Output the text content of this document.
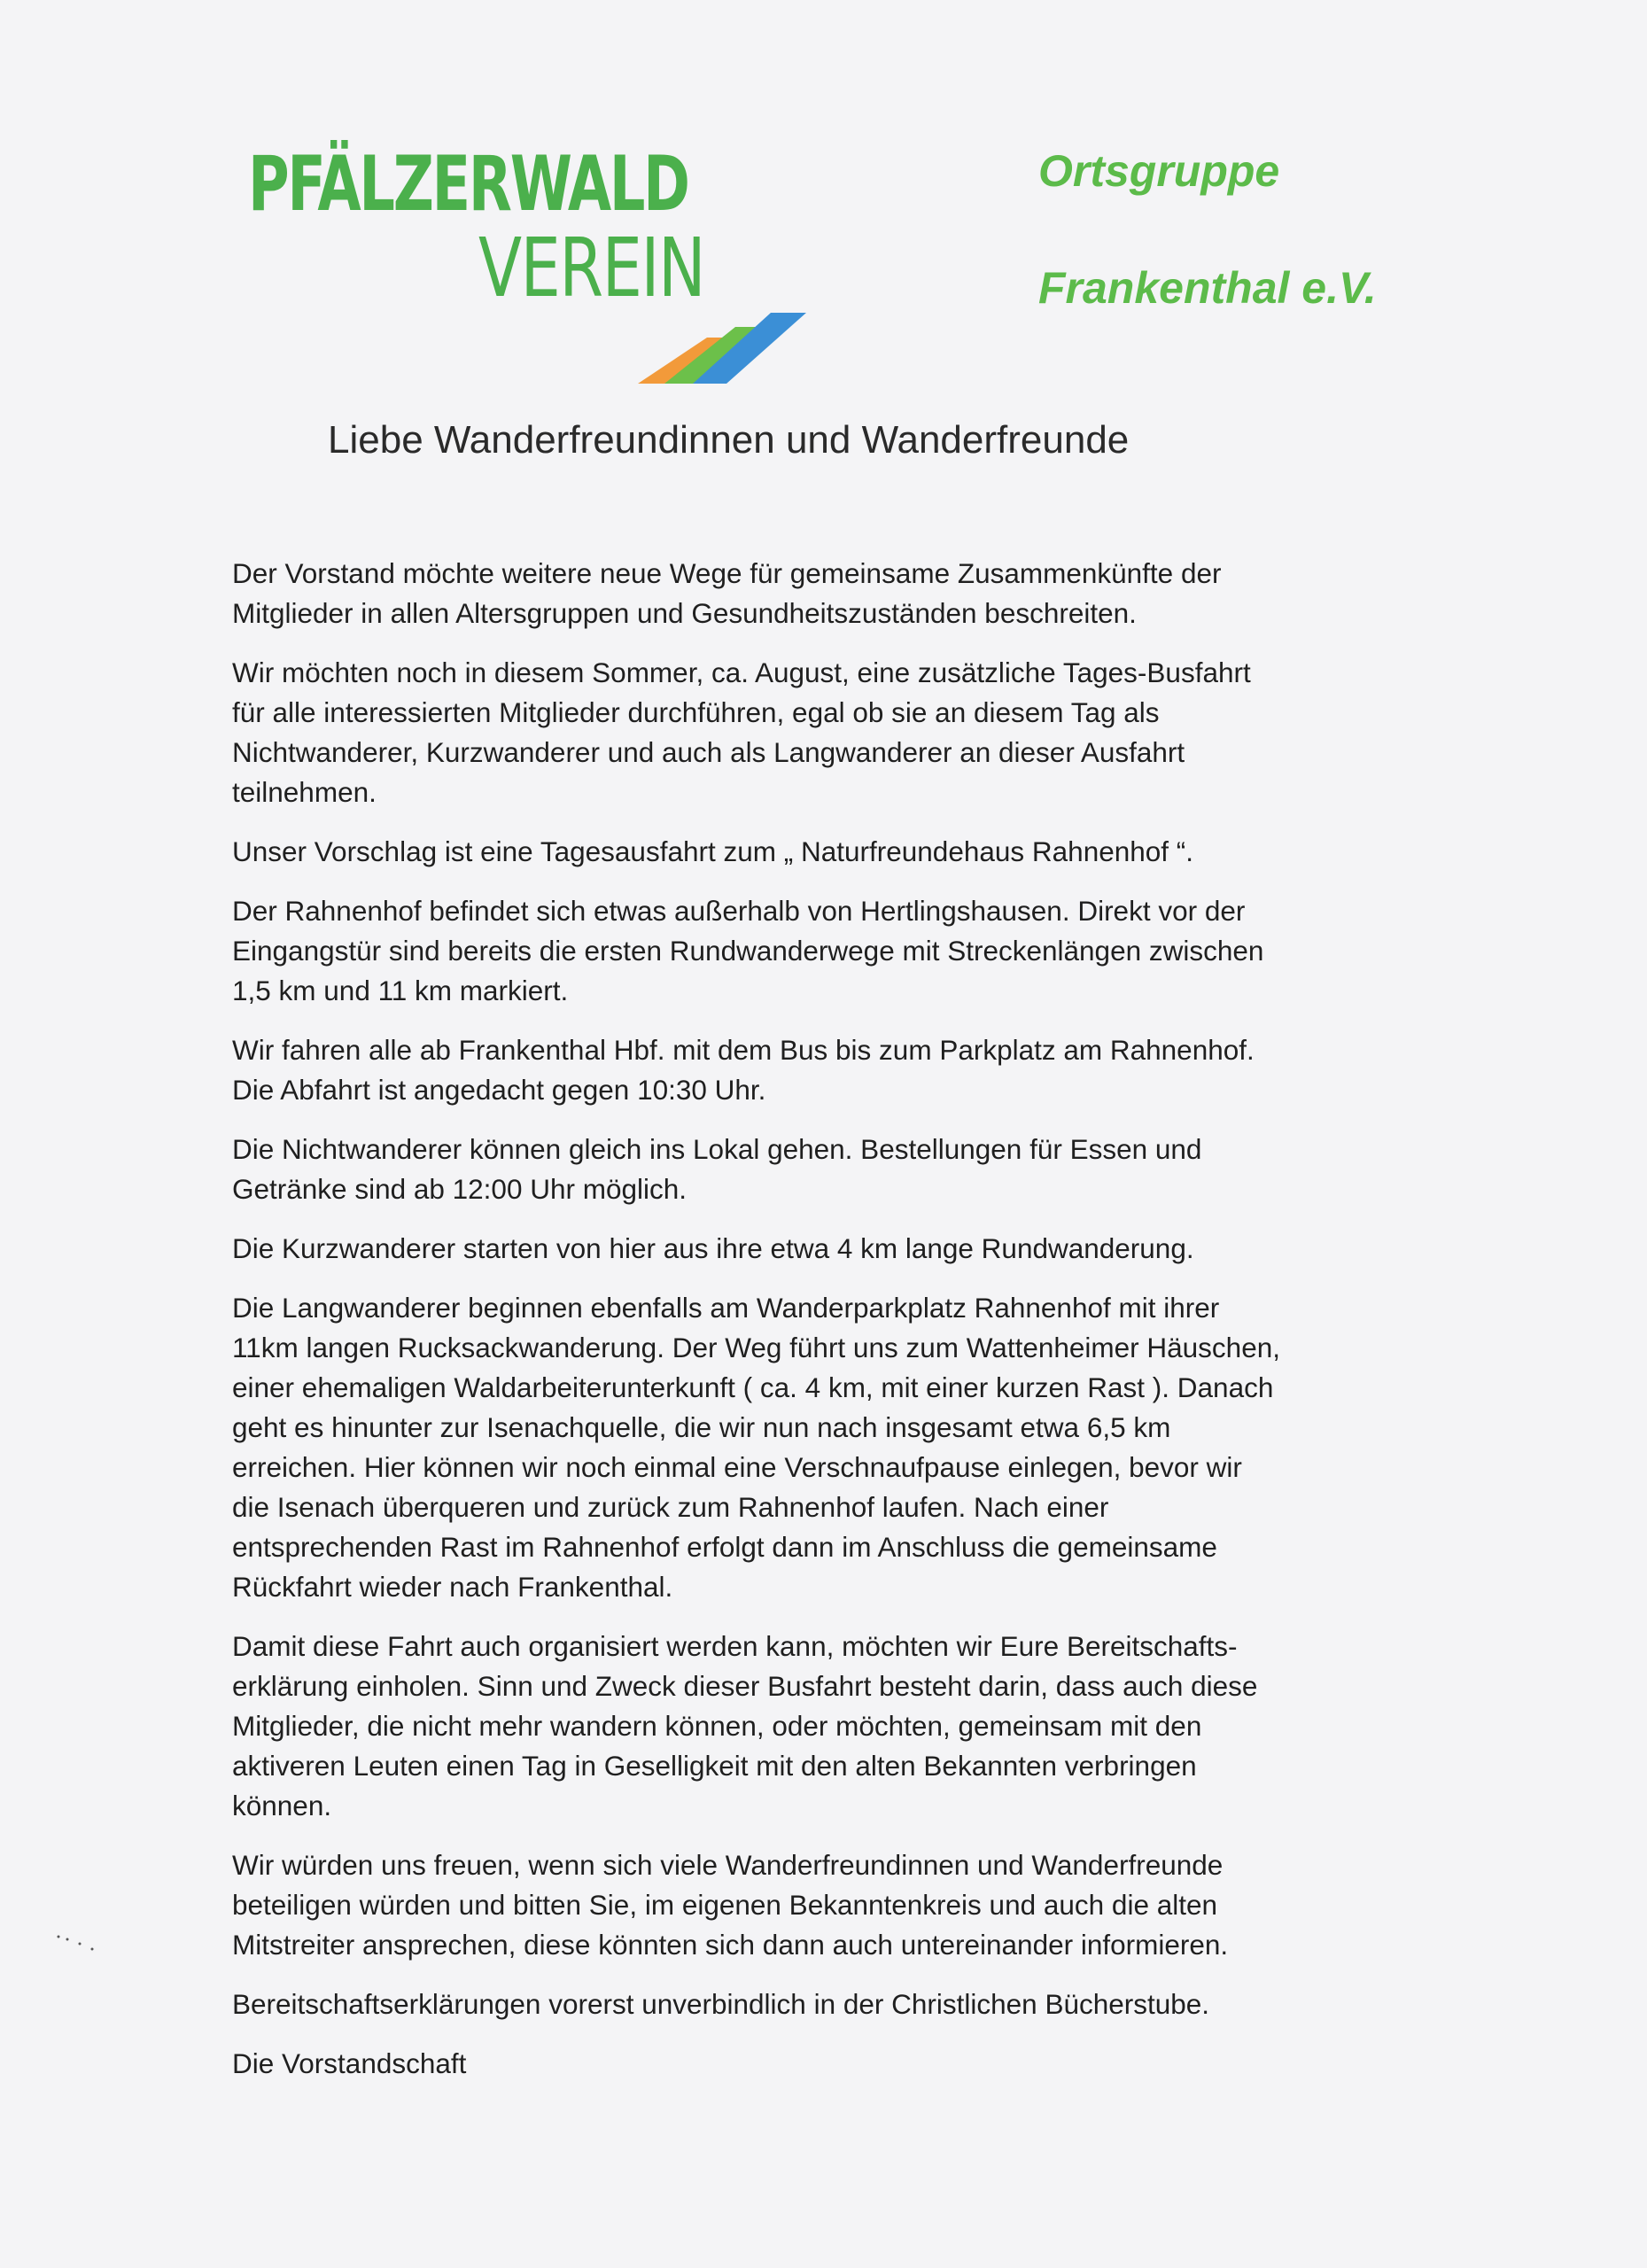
PFÄLZERWALD
VEREIN
Ortsgruppe
Frankenthal e.V.
Liebe Wanderfreundinnen und Wanderfreunde

Der Vorstand möchte weitere neue Wege für gemeinsame Zusammenkünfte der
Mitglieder in allen Altersgruppen und Gesundheitszuständen beschreiten.

Wir möchten noch in diesem Sommer, ca. August, eine zusätzliche Tages-Busfahrt
für alle interessierten Mitglieder durchführen, egal ob sie an diesem Tag als
Nichtwanderer, Kurzwanderer und auch als Langwanderer an dieser Ausfahrt
teilnehmen.

Unser Vorschlag ist eine Tagesausfahrt zum „ Naturfreundehaus Rahnenhof “.

Der Rahnenhof befindet sich etwas außerhalb von Hertlingshausen. Direkt vor der
Eingangstür sind bereits die ersten Rundwanderwege mit Streckenlängen zwischen
1,5 km und 11 km markiert.

Wir fahren alle ab Frankenthal Hbf. mit dem Bus bis zum Parkplatz am Rahnenhof.
Die Abfahrt ist angedacht gegen 10:30 Uhr.

Die Nichtwanderer können gleich ins Lokal gehen. Bestellungen für Essen und
Getränke sind ab 12:00 Uhr möglich.

Die Kurzwanderer starten von hier aus ihre etwa 4 km lange Rundwanderung.

Die Langwanderer beginnen ebenfalls am Wanderparkplatz Rahnenhof mit ihrer
11km langen Rucksackwanderung. Der Weg führt uns zum Wattenheimer Häuschen,
einer ehemaligen Waldarbeiterunterkunft ( ca. 4 km, mit einer kurzen Rast ). Danach
geht es hinunter zur Isenachquelle, die wir nun nach insgesamt etwa 6,5 km
erreichen. Hier können wir noch einmal eine Verschnaufpause einlegen, bevor wir
die Isenach überqueren und zurück zum Rahnenhof laufen. Nach einer
entsprechenden Rast im Rahnenhof erfolgt dann im Anschluss die gemeinsame
Rückfahrt wieder nach Frankenthal.

Damit diese Fahrt auch organisiert werden kann, möchten wir Eure Bereitschafts-
erklärung einholen. Sinn und Zweck dieser Busfahrt besteht darin, dass auch diese
Mitglieder, die nicht mehr wandern können, oder möchten, gemeinsam mit den
aktiveren Leuten einen Tag in Geselligkeit mit den alten Bekannten verbringen
können.

Wir würden uns freuen, wenn sich viele Wanderfreundinnen und Wanderfreunde
beteiligen würden und bitten Sie, im eigenen Bekanntenkreis und auch die alten
Mitstreiter ansprechen, diese könnten sich dann auch untereinander informieren.

Bereitschaftserklärungen vorerst unverbindlich in der Christlichen Bücherstube.

Die Vorstandschaft
